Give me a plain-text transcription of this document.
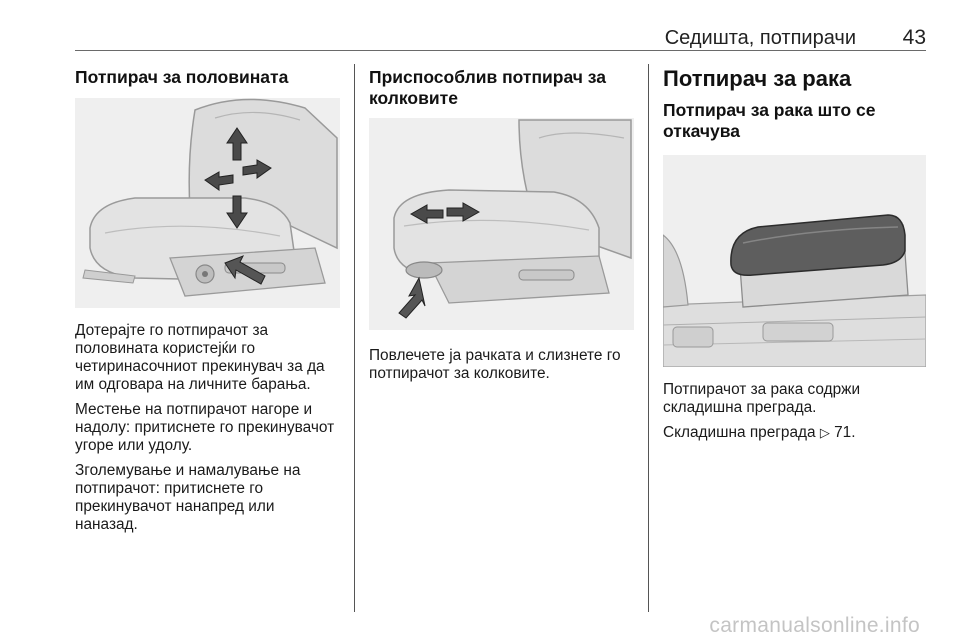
Седишта, потпирачи 43
Потпирач за половината

Дотерајте го потпирачот за половината користејќи го четиринасочниот прекинувач за да им одговара на личните барања.

Местење на потпирачот нагоре и надолу: притиснете го прекинувачот угоре или удолу.

Зголемување и намалување на потпирачот: притиснете го прекинувачот нанапред или наназад.

Приспособлив потпирач за колковите

Повлечете ја рачката и слизнете го потпирачот за колковите.

Потпирач за рака
Потпирач за рака што се откачува

Потпирачот за рака содржи складишна преграда.

Складишна преграда ▷ 71.

carmanualsonline.info
